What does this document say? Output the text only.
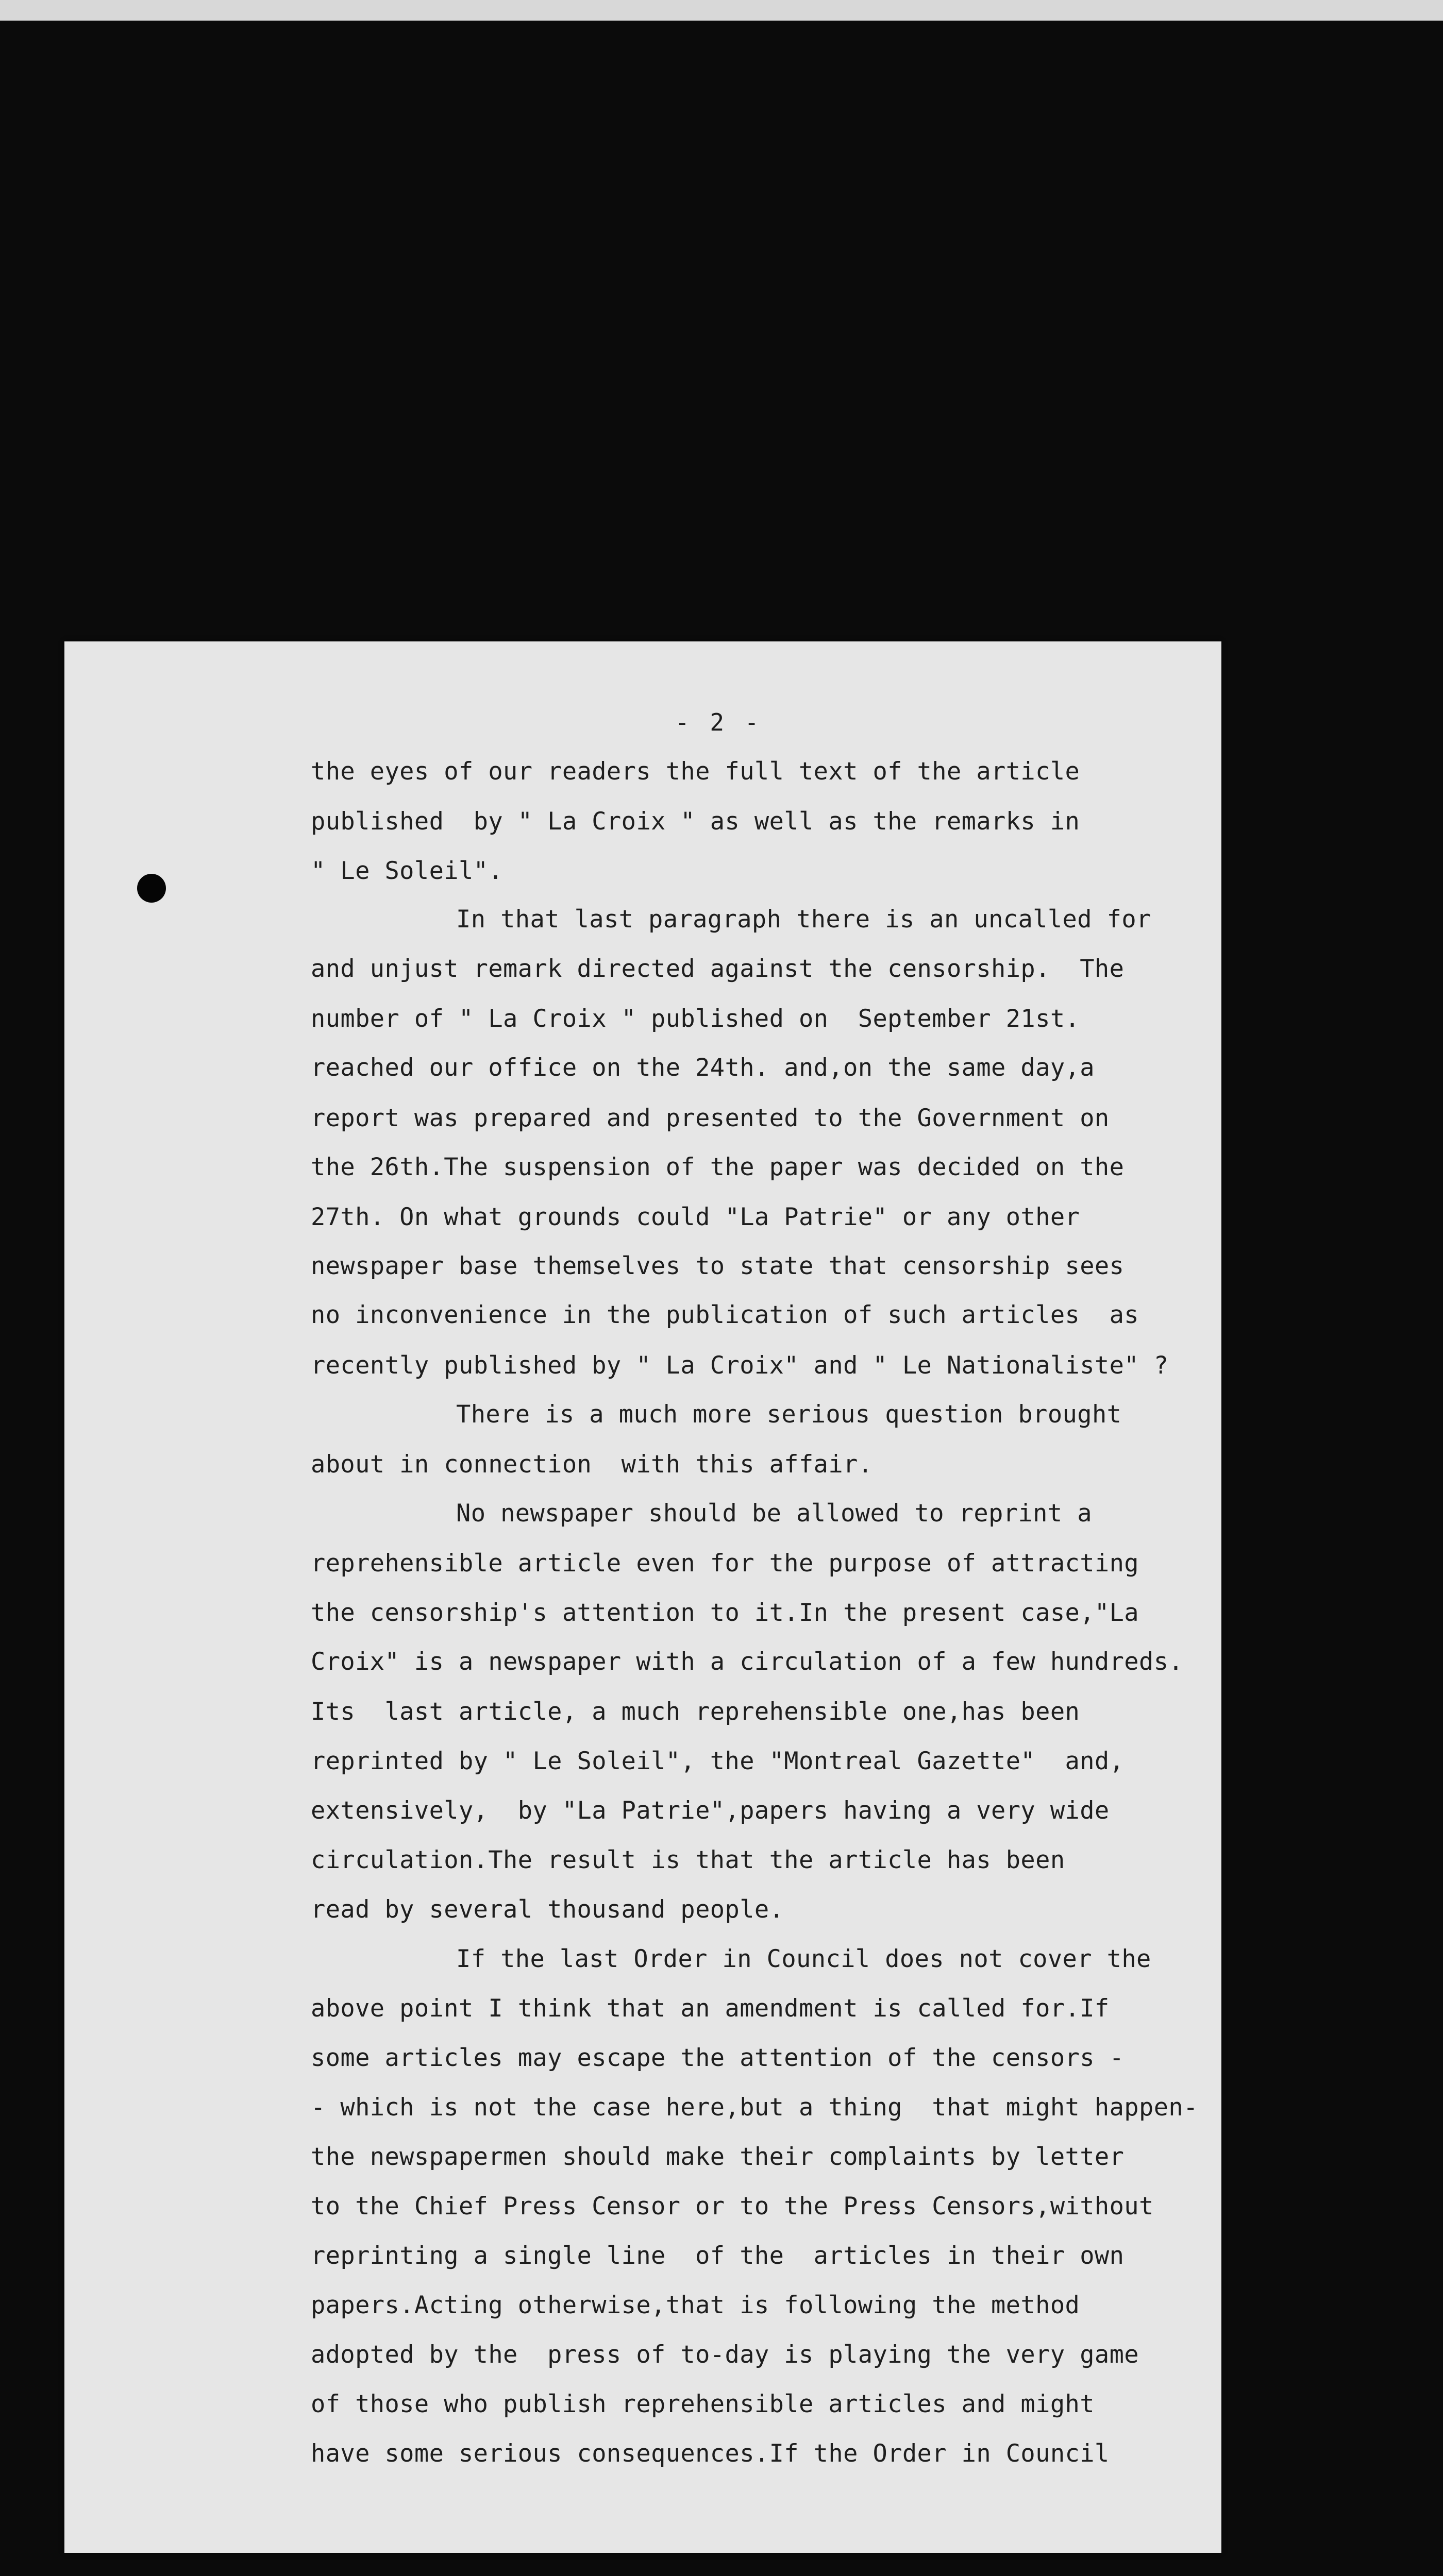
- 2 -
the eyes of our readers the full text of the article
published  by " La Croix " as well as the remarks in
" Le Soleil".
In that last paragraph there is an uncalled for
and unjust remark directed against the censorship.  The
number of " La Croix " published on  September 21st.
reached our office on the 24th. and,on the same day,a
report was prepared and presented to the Government on
the 26th.The suspension of the paper was decided on the
27th. On what grounds could "La Patrie" or any other
newspaper base themselves to state that censorship sees
no inconvenience in the publication of such articles  as
recently published by " La Croix" and " Le Nationaliste" ?
There is a much more serious question brought
about in connection  with this affair.
No newspaper should be allowed to reprint a
reprehensible article even for the purpose of attracting
the censorship's attention to it.In the present case,"La
Croix" is a newspaper with a circulation of a few hundreds.
Its  last article, a much reprehensible one,has been
reprinted by " Le Soleil", the "Montreal Gazette"  and,
extensively,  by "La Patrie",papers having a very wide
circulation.The result is that the article has been
read by several thousand people.
If the last Order in Council does not cover the
above point I think that an amendment is called for.If
some articles may escape the attention of the censors -
- which is not the case here,but a thing  that might happen-
the newspapermen should make their complaints by letter
to the Chief Press Censor or to the Press Censors,without
reprinting a single line  of the  articles in their own
papers.Acting otherwise,that is following the method
adopted by the  press of to-day is playing the very game
of those who publish reprehensible articles and might
have some serious consequences.If the Order in Council
